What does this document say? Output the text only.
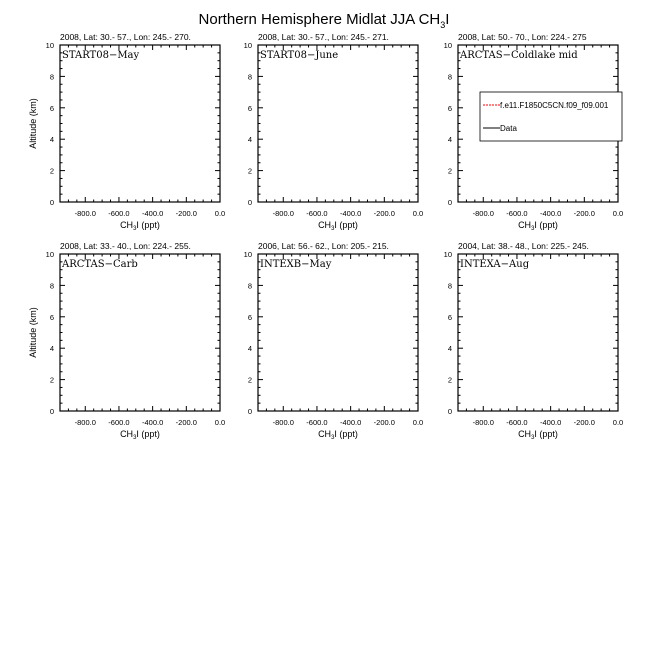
Northern Hemisphere Midlat JJA $CH_3I$
2008, Lat: 30.- 57., Lon: 245.- 270.
-800.0 -600.0 -400.0 -200.0 0.0
0
2
4
6
8
10
$CH_3I$ (ppt)
Altitude (km)
START08−May
2008, Lat: 30.- 57., Lon: 245.- 271.
-800.0 -600.0 -400.0 -200.0 0.0
0
2
4
6
8
10
$CH_3I$ (ppt)
START08−June
2008, Lat: 50.- 70., Lon: 224.- 275
-800.0 -600.0 -400.0 -200.0 0.0
0
2
4
6
8
10
$CH_3I$ (ppt)
ARCTAS−Coldlake mid
f.e11.F1850C5CN.f09_f09.001
Data
2008, Lat: 33.- 40., Lon: 224.- 255.
-800.0 -600.0 -400.0 -200.0 0.0
0
2
4
6
8
10
$CH_3I$ (ppt)
Altitude (km)
ARCTAS−Carb
2006, Lat: 56.- 62., Lon: 205.- 215.
-800.0 -600.0 -400.0 -200.0 0.0
0
2
4
6
8
10
$CH_3I$ (ppt)
INTEXB−May
2004, Lat: 38.- 48., Lon: 225.- 245.
-800.0 -600.0 -400.0 -200.0 0.0
0
2
4
6
8
10
$CH_3I$ (ppt)
INTEXA−Aug
